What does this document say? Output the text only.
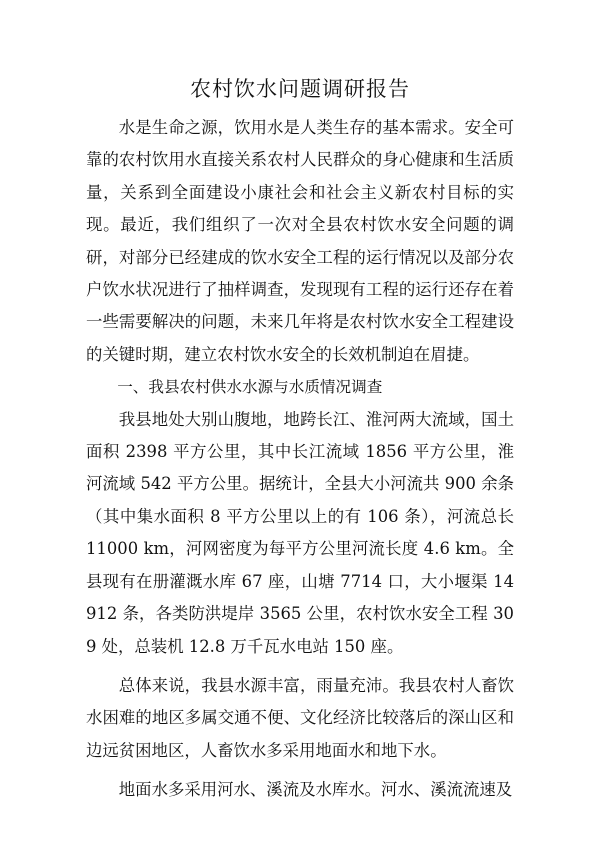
农村饮水问题调研报告

水是生命之源，饮用水是人类生存的基本需求。安全可靠的农村饮用水直接关系农村人民群众的身心健康和生活质量，关系到全面建设小康社会和社会主义新农村目标的实现。最近，我们组织了一次对全县农村饮水安全问题的调研，对部分已经建成的饮水安全工程的运行情况以及部分农户饮水状况进行了抽样调查，发现现有工程的运行还存在着一些需要解决的问题，未来几年将是农村饮水安全工程建设的关键时期，建立农村饮水安全的长效机制迫在眉捷。

一、我县农村供水水源与水质情况调查

我县地处大别山腹地，地跨长江、淮河两大流域，国土面积 2398 平方公里，其中长江流域 1856 平方公里，淮河流域 542 平方公里。据统计，全县大小河流共 900 余条（其中集水面积 8 平方公里以上的有 106 条），河流总长 11000 km，河网密度为每平方公里河流长度 4.6 km。全县现有在册灌溉水库 67 座，山塘 7714 口，大小堰渠 14912 条，各类防洪堤岸 3565 公里，农村饮水安全工程 309 处，总装机 12.8 万千瓦水电站 150 座。

总体来说，我县水源丰富，雨量充沛。我县农村人畜饮水困难的地区多属交通不便、文化经济比较落后的深山区和边远贫困地区，人畜饮水多采用地面水和地下水。

地面水多采用河水、溪流及水库水。河水、溪流流速及
